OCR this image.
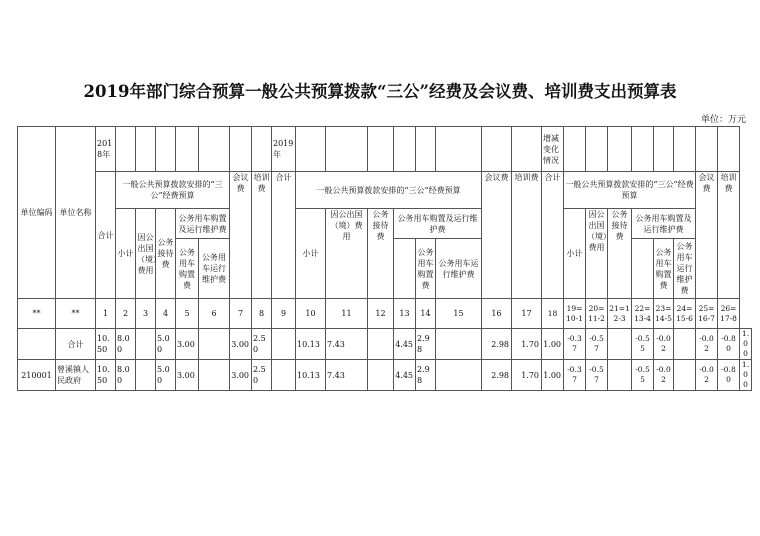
2019年部门综合预算一般公共预算拨款“三公”经费及会议费、培训费支出预算表
单位：万元
单位编码	单位名称	2018年								2019年									增减变化情况									
		合计	一般公共预算拨款安排的“三公”经费预算					会议费	培训费	合计	一般公共预算拨款安排的“三公”经费预算						会议费	培训费	合计	一般公共预算拨款安排的“三公”经费预算						会议费	培训费	
			小计	因公出国（境）费用	公务接待费	公务用车购置及运行维护费					小计	因公出国（境）费用	公务接待费	公务用车购置及运行维护费						小计	因公出国（境）费用	公务接待费	公务用车购置及运行维护费					
						公务用车购置费	公务用车运行维护费								公务用车购置费	公务用车运行维护费								公务用车购置费	公务用车运行维护费			

**	**	1	2	3	4	5	6	7	8	9	10	11	12	13	14	15	16	17	18	19=10-1	20=11-2	21=12-3	22=13-4	23=14-5	24=15-6	25=16-7	26=17-8	
	合计	10.50	8.00		5.00	3.00		3.00	2.50		10.13	7.43		4.45	2.98		2.98	1.70	1.00	-0.37	-0.57		-0.55	-0.02		-0.02	-0.80	1.00
210001	曾溪镇人民政府	10.50	8.00		5.00	3.00		3.00	2.50		10.13	7.43		4.45	2.98		2.98	1.70	1.00	-0.37	-0.57		-0.55	-0.02		-0.02	-0.80	1.00
